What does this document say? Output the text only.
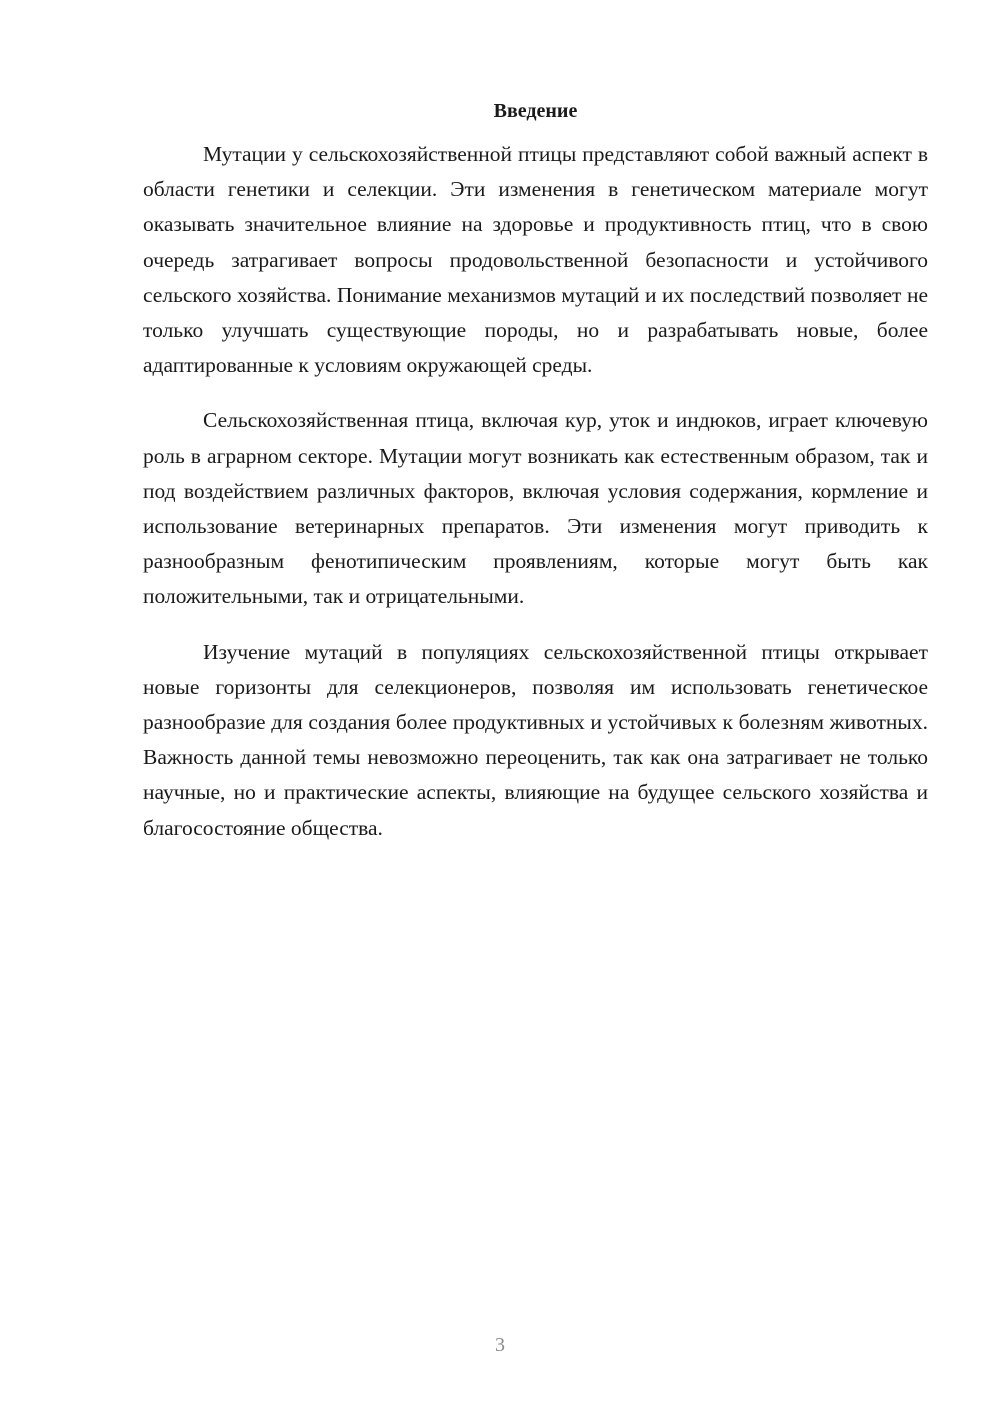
Введение

Мутации у сельскохозяйственной птицы представляют собой важный аспект в области генетики и селекции. Эти изменения в генетическом материале могут оказывать значительное влияние на здоровье и продуктивность птиц, что в свою очередь затрагивает вопросы продовольственной безопасности и устойчивого сельского хозяйства. Понимание механизмов мутаций и их последствий позволяет не только улучшать существующие породы, но и разрабатывать новые, более адаптированные к условиям окружающей среды.

Сельскохозяйственная птица, включая кур, уток и индюков, играет ключевую роль в аграрном секторе. Мутации могут возникать как естественным образом, так и под воздействием различных факторов, включая условия содержания, кормление и использование ветеринарных препаратов. Эти изменения могут приводить к разнообразным фенотипическим проявлениям, которые могут быть как положительными, так и отрицательными.

Изучение мутаций в популяциях сельскохозяйственной птицы открывает новые горизонты для селекционеров, позволяя им использовать генетическое разнообразие для создания более продуктивных и устойчивых к болезням животных. Важность данной темы невозможно переоценить, так как она затрагивает не только научные, но и практические аспекты, влияющие на будущее сельского хозяйства и благосостояние общества.

3
